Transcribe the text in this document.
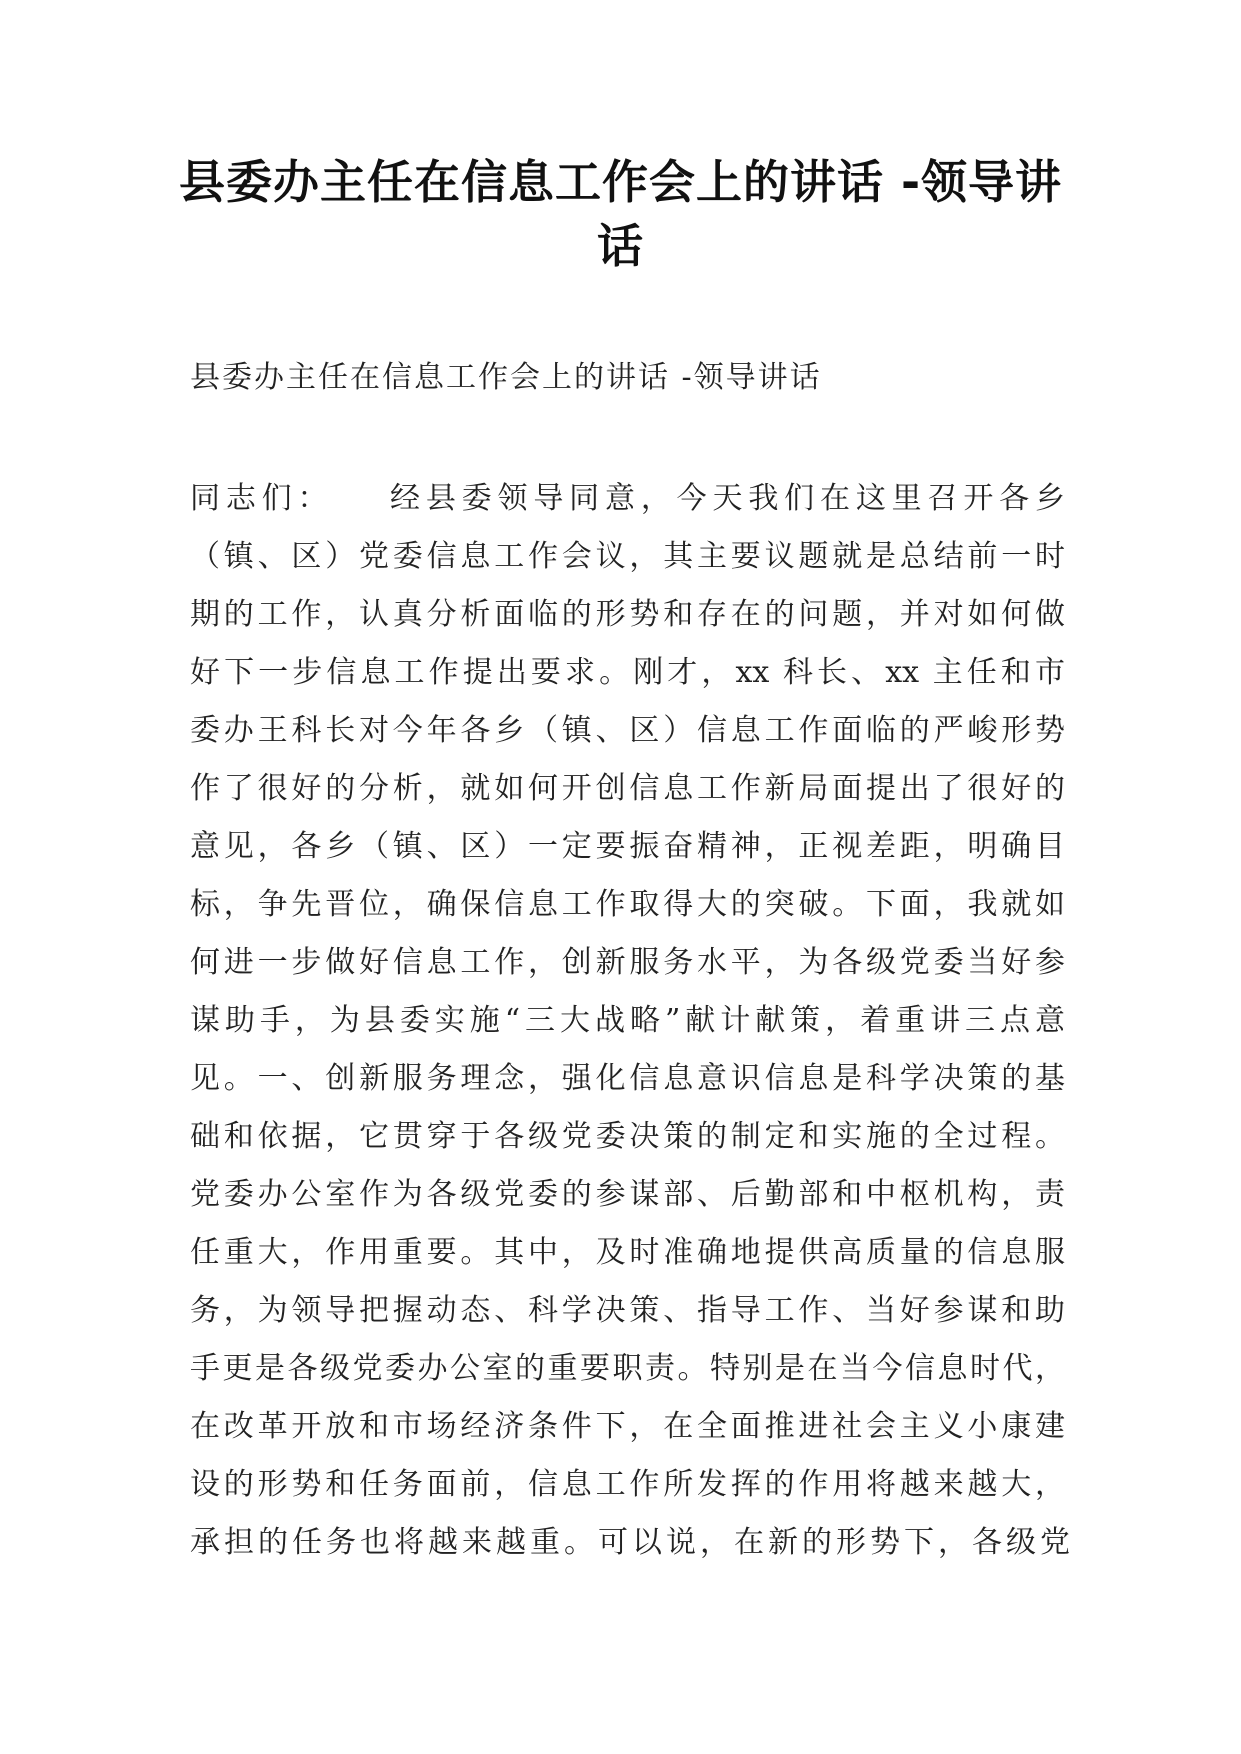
县委办主任在信息工作会上的讲话 -领导讲
话

县委办主任在信息工作会上的讲话 -领导讲话

同志们：　　经县委领导同意，今天我们在这里召开各乡
（镇、区）党委信息工作会议，其主要议题就是总结前一时
期的工作，认真分析面临的形势和存在的问题，并对如何做
好下一步信息工作提出要求。刚才，xx 科长、xx 主任和市
委办王科长对今年各乡（镇、区）信息工作面临的严峻形势
作了很好的分析，就如何开创信息工作新局面提出了很好的
意见，各乡（镇、区）一定要振奋精神，正视差距，明确目
标，争先晋位，确保信息工作取得大的突破。下面，我就如
何进一步做好信息工作，创新服务水平，为各级党委当好参
谋助手，为县委实施“三大战略”献计献策，着重讲三点意
见。一、创新服务理念，强化信息意识信息是科学决策的基
础和依据，它贯穿于各级党委决策的制定和实施的全过程。
党委办公室作为各级党委的参谋部、后勤部和中枢机构，责
任重大，作用重要。其中，及时准确地提供高质量的信息服
务，为领导把握动态、科学决策、指导工作、当好参谋和助
手更是各级党委办公室的重要职责。特别是在当今信息时代，
在改革开放和市场经济条件下，在全面推进社会主义小康建
设的形势和任务面前，信息工作所发挥的作用将越来越大，
承担的任务也将越来越重。可以说，在新的形势下，各级党
